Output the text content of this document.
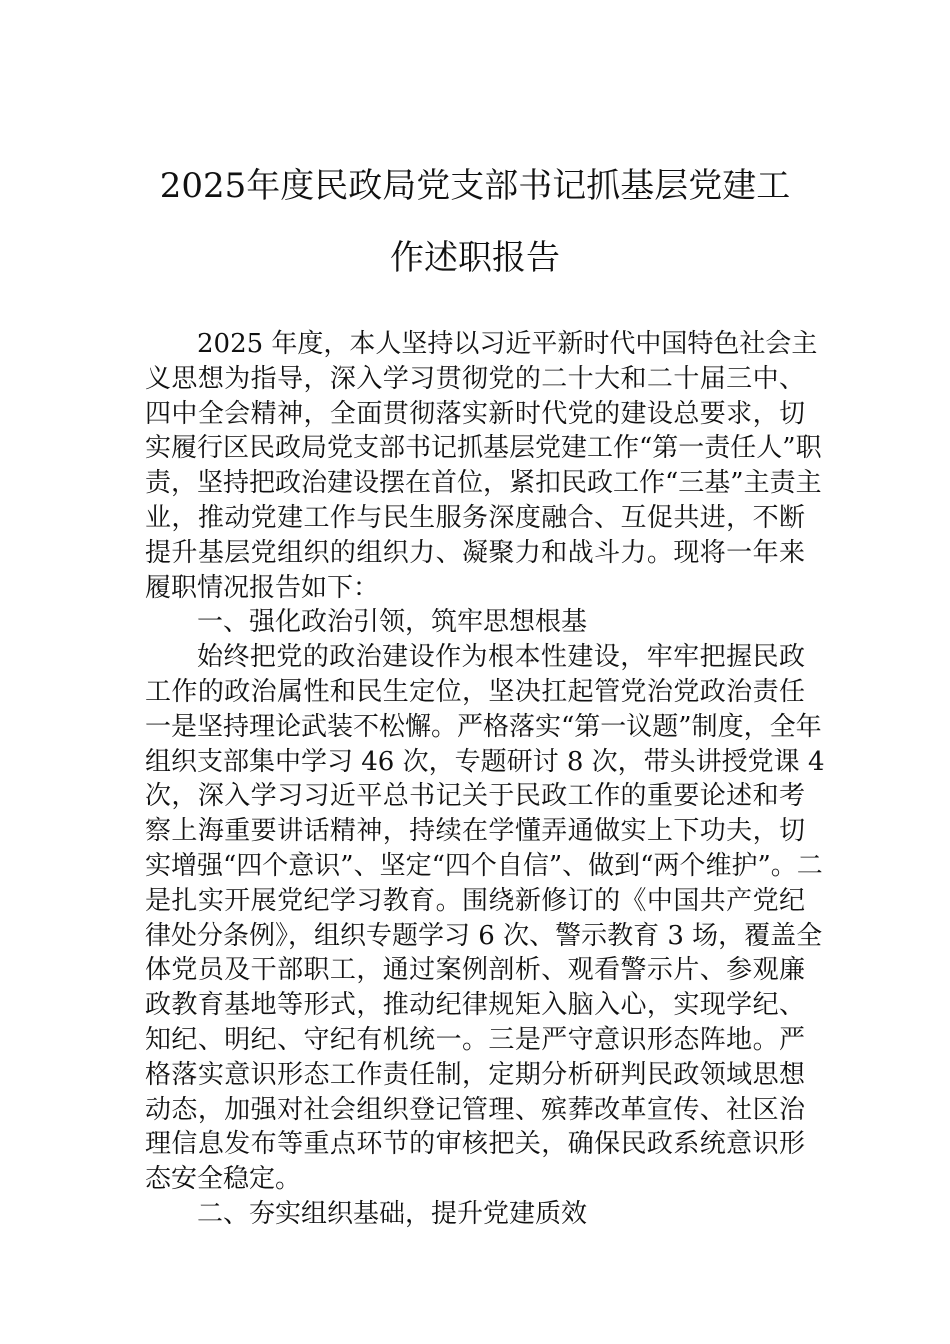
2025年度民政局党支部书记抓基层党建工
作述职报告
2025 年度，本人坚持以习近平新时代中国特色社会主
义思想为指导，深入学习贯彻党的二十大和二十届三中、
四中全会精神，全面贯彻落实新时代党的建设总要求，切
实履行区民政局党支部书记抓基层党建工作“第一责任人”职
责，坚持把政治建设摆在首位，紧扣民政工作“三基”主责主
业，推动党建工作与民生服务深度融合、互促共进，不断
提升基层党组织的组织力、凝聚力和战斗力。现将一年来
履职情况报告如下：
一、强化政治引领，筑牢思想根基
始终把党的政治建设作为根本性建设，牢牢把握民政
工作的政治属性和民生定位，坚决扛起管党治党政治责任
一是坚持理论武装不松懈。严格落实“第一议题”制度，全年
组织支部集中学习 46 次，专题研讨 8 次，带头讲授党课 4
次，深入学习习近平总书记关于民政工作的重要论述和考
察上海重要讲话精神，持续在学懂弄通做实上下功夫，切
实增强“四个意识”、坚定“四个自信”、做到“两个维护”。二
是扎实开展党纪学习教育。围绕新修订的《中国共产党纪
律处分条例》，组织专题学习 6 次、警示教育 3 场，覆盖全
体党员及干部职工，通过案例剖析、观看警示片、参观廉
政教育基地等形式，推动纪律规矩入脑入心，实现学纪、
知纪、明纪、守纪有机统一。三是严守意识形态阵地。严
格落实意识形态工作责任制，定期分析研判民政领域思想
动态，加强对社会组织登记管理、殡葬改革宣传、社区治
理信息发布等重点环节的审核把关，确保民政系统意识形
态安全稳定。
二、夯实组织基础，提升党建质效
